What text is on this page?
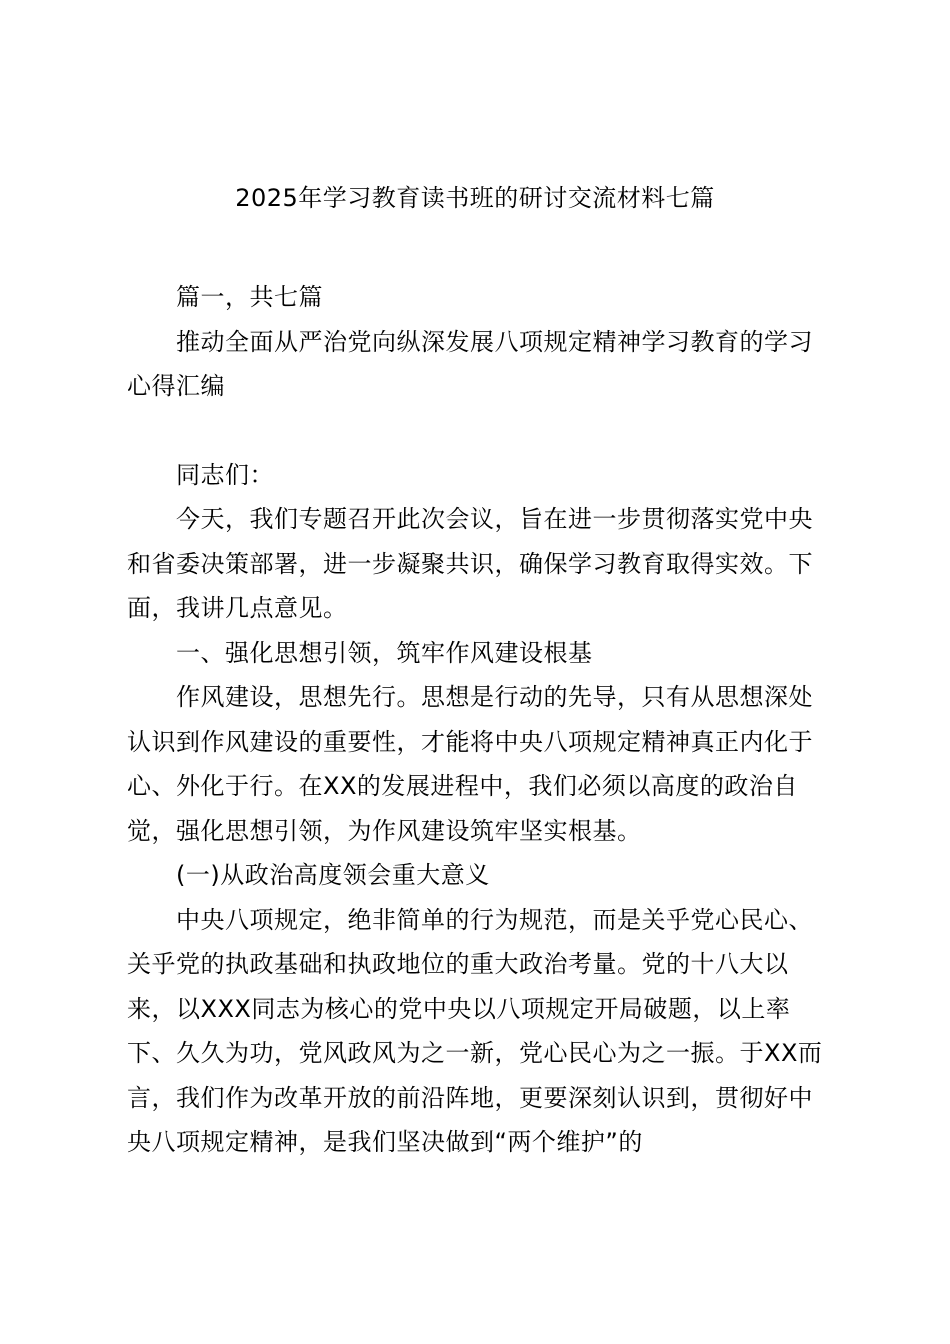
2025年学习教育读书班的研讨交流材料七篇

篇一，共七篇

推动全面从严治党向纵深发展八项规定精神学习教育的学习心得汇编

同志们：

今天，我们专题召开此次会议，旨在进一步贯彻落实党中央和省委决策部署，进一步凝聚共识，确保学习教育取得实效。下面，我讲几点意见。

一、强化思想引领，筑牢作风建设根基

作风建设，思想先行。思想是行动的先导，只有从思想深处认识到作风建设的重要性，才能将中央八项规定精神真正内化于心、外化于行。在XX的发展进程中，我们必须以高度的政治自觉，强化思想引领，为作风建设筑牢坚实根基。

(一)从政治高度领会重大意义

中央八项规定，绝非简单的行为规范，而是关乎党心民心、关乎党的执政基础和执政地位的重大政治考量。党的十八大以来，以XXX同志为核心的党中央以八项规定开局破题，以上率下、久久为功，党风政风为之一新，党心民心为之一振。于XX而言，我们作为改革开放的前沿阵地，更要深刻认识到，贯彻好中央八项规定精神，是我们坚决做到“两个维护”的
